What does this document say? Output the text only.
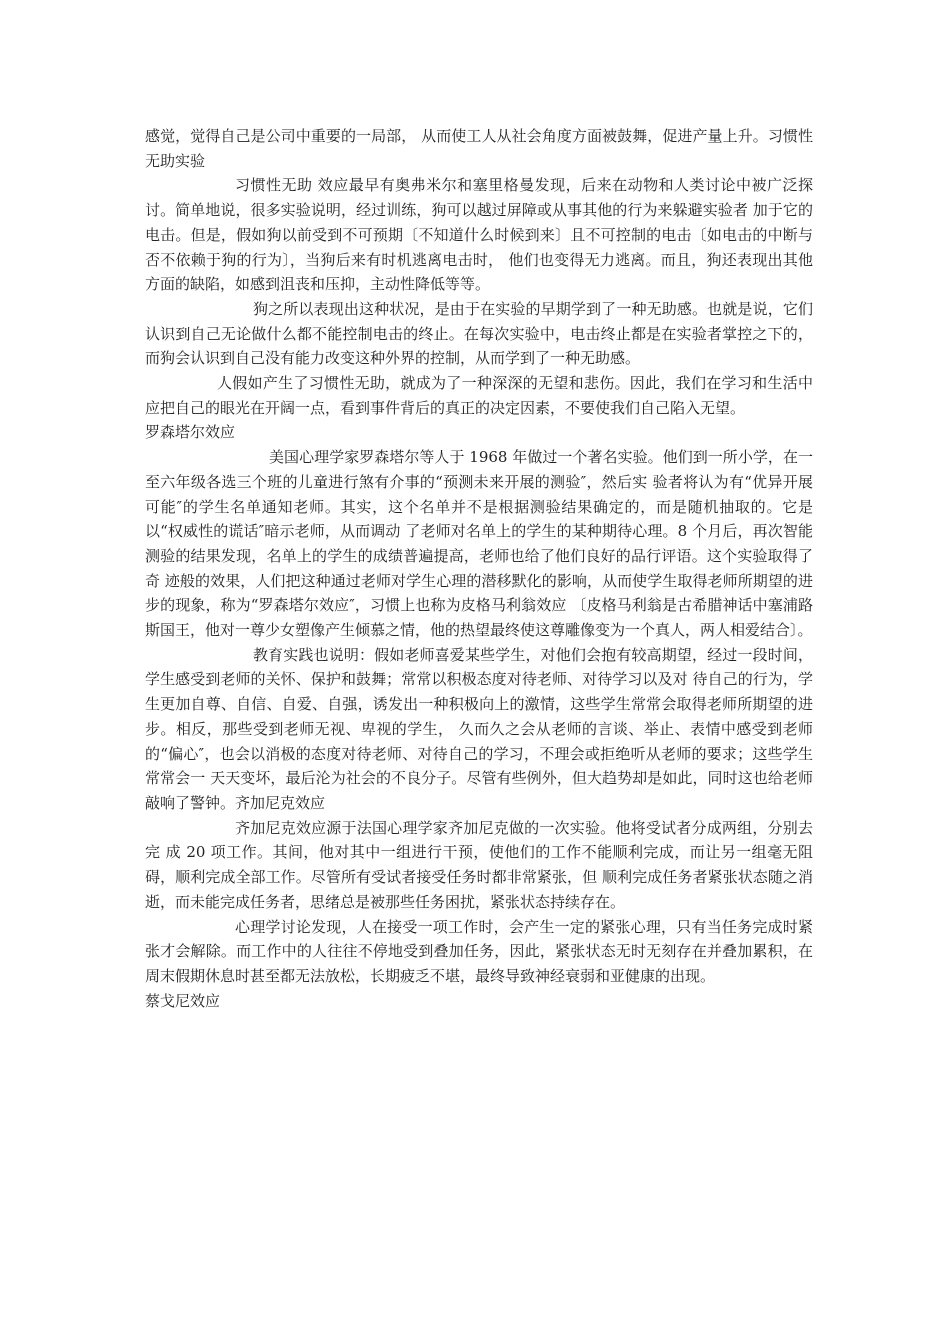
感觉，觉得自己是公司中重要的一局部， 从而使工人从社会角度方面被鼓舞，促进产量上升。习惯性无助实验

习惯性无助 效应最早有奥弗米尔和塞里格曼发现，后来在动物和人类讨论中被广泛探讨。简单地说，很多实验说明，经过训练，狗可以越过屏障或从事其他的行为来躲避实验者 加于它的电击。但是，假如狗以前受到不可预期〔不知道什么时候到来〕且不可控制的电击〔如电击的中断与否不依赖于狗的行为〕，当狗后来有时机逃离电击时， 他们也变得无力逃离。而且，狗还表现出其他方面的缺陷，如感到沮丧和压抑，主动性降低等等。

狗之所以表现出这种状况，是由于在实验的早期学到了一种无助感。也就是说，它们认识到自己无论做什么都不能控制电击的终止。在每次实验中，电击终止都是在实验者掌控之下的，而狗会认识到自己没有能力改变这种外界的控制，从而学到了一种无助感。

人假如产生了习惯性无助，就成为了一种深深的无望和悲伤。因此，我们在学习和生活中应把自己的眼光在开阔一点，看到事件背后的真正的决定因素，不要使我们自己陷入无望。

罗森塔尔效应

美国心理学家罗森塔尔等人于 1968 年做过一个著名实验。他们到一所小学，在一至六年级各选三个班的儿童进行煞有介事的“预测未来开展的测验″，然后实 验者将认为有“优异开展可能″的学生名单通知老师。其实，这个名单并不是根据测验结果确定的，而是随机抽取的。它是以“权威性的谎话″暗示老师，从而调动 了老师对名单上的学生的某种期待心理。8 个月后，再次智能测验的结果发现，名单上的学生的成绩普遍提高，老师也给了他们良好的品行评语。这个实验取得了奇 迹般的效果，人们把这种通过老师对学生心理的潜移默化的影响，从而使学生取得老师所期望的进步的现象，称为“罗森塔尔效应″，习惯上也称为皮格马利翁效应 〔皮格马利翁是古希腊神话中塞浦路斯国王，他对一尊少女塑像产生倾慕之情，他的热望最终使这尊雕像变为一个真人，两人相爱结合〕。

教育实践也说明：假如老师喜爱某些学生，对他们会抱有较高期望，经过一段时间，学生感受到老师的关怀、保护和鼓舞；常常以积极态度对待老师、对待学习以及对 待自己的行为，学生更加自尊、自信、自爱、自强，诱发出一种积极向上的激情，这些学生常常会取得老师所期望的进步。相反，那些受到老师无视、卑视的学生， 久而久之会从老师的言谈、举止、表情中感受到老师的“偏心″，也会以消极的态度对待老师、对待自己的学习，不理会或拒绝听从老师的要求；这些学生常常会一 天天变坏，最后沦为社会的不良分子。尽管有些例外，但大趋势却是如此，同时这也给老师敲响了警钟。齐加尼克效应

齐加尼克效应源于法国心理学家齐加尼克做的一次实验。他将受试者分成两组，分别去完 成 20 项工作。其间，他对其中一组进行干预，使他们的工作不能顺利完成，而让另一组毫无阻碍，顺利完成全部工作。尽管所有受试者接受任务时都非常紧张，但 顺利完成任务者紧张状态随之消逝，而未能完成任务者，思绪总是被那些任务困扰，紧张状态持续存在。

心理学讨论发现，人在接受一项工作时，会产生一定的紧张心理，只有当任务完成时紧张才会解除。而工作中的人往往不停地受到叠加任务，因此，紧张状态无时无刻存在并叠加累积，在周末假期休息时甚至都无法放松，长期疲乏不堪，最终导致神经衰弱和亚健康的出现。

蔡戈尼效应
